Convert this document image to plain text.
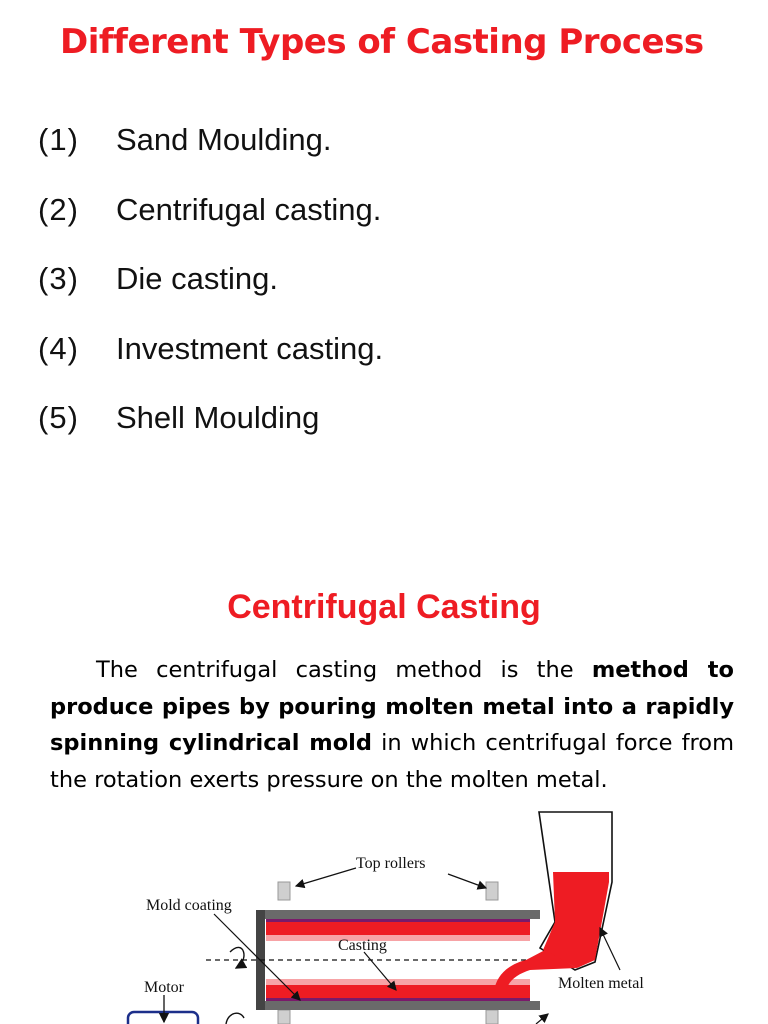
Different Types of Casting Process
(1) Sand Moulding.
(2) Centrifugal casting.
(3) Die casting.
(4) Investment casting.
(5) Shell Moulding
Centrifugal Casting

The centrifugal casting method is the method to produce pipes by pouring molten metal into a rapidly spinning cylindrical mold in which centrifugal force from the rotation exerts pressure on the molten metal.

Top rollers
Mold coating
Casting
Motor	Molten metal
